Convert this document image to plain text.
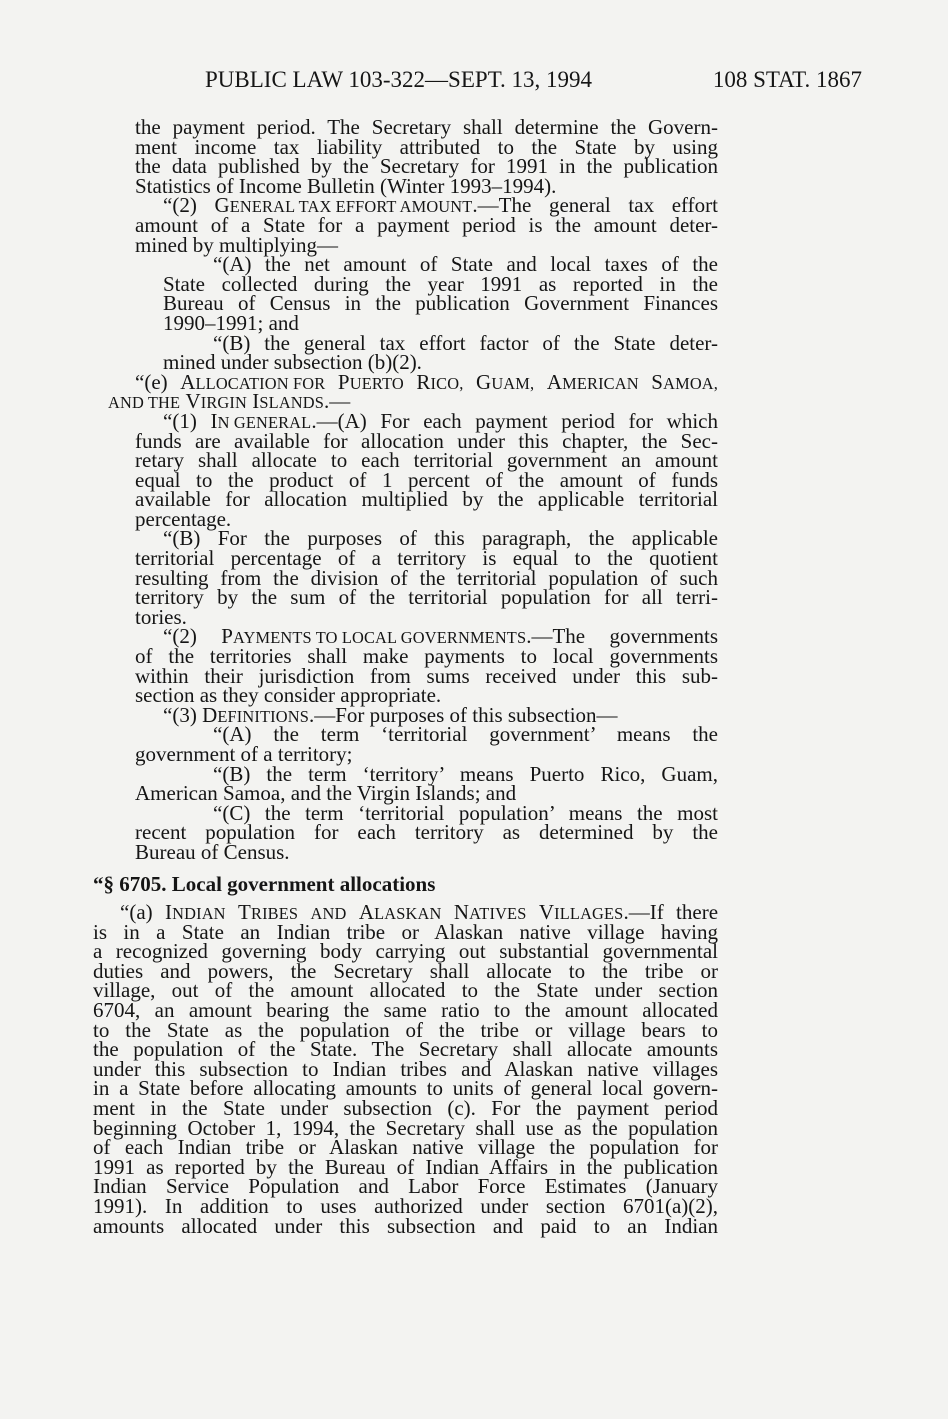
PUBLIC LAW 103-322—SEPT. 13, 1994	108 STAT. 1867
the payment period. The Secretary shall determine the Govern-
ment income tax liability attributed to the State by using
the data published by the Secretary for 1991 in the publication
Statistics of Income Bulletin (Winter 1993–1994).
“(2) GENERAL TAX EFFORT AMOUNT.—The general tax effort
amount of a State for a payment period is the amount deter-
mined by multiplying—
“(A) the net amount of State and local taxes of the
State collected during the year 1991 as reported in the
Bureau of Census in the publication Government Finances
1990–1991; and
“(B) the general tax effort factor of the State deter-
mined under subsection (b)(2).
“(e) ALLOCATION FOR PUERTO RICO, GUAM, AMERICAN SAMOA,
AND THE VIRGIN ISLANDS.—
“(1) IN GENERAL.—(A) For each payment period for which
funds are available for allocation under this chapter, the Sec-
retary shall allocate to each territorial government an amount
equal to the product of 1 percent of the amount of funds
available for allocation multiplied by the applicable territorial
percentage.
“(B) For the purposes of this paragraph, the applicable
territorial percentage of a territory is equal to the quotient
resulting from the division of the territorial population of such
territory by the sum of the territorial population for all terri-
tories.
“(2) PAYMENTS TO LOCAL GOVERNMENTS.—The governments
of the territories shall make payments to local governments
within their jurisdiction from sums received under this sub-
section as they consider appropriate.
“(3) DEFINITIONS.—For purposes of this subsection—
“(A) the term ‘territorial government’ means the
government of a territory;
“(B) the term ‘territory’ means Puerto Rico, Guam,
American Samoa, and the Virgin Islands; and
“(C) the term ‘territorial population’ means the most
recent population for each territory as determined by the
Bureau of Census.
“§ 6705. Local government allocations
“(a) INDIAN TRIBES AND ALASKAN NATIVES VILLAGES.—If there
is in a State an Indian tribe or Alaskan native village having
a recognized governing body carrying out substantial governmental
duties and powers, the Secretary shall allocate to the tribe or
village, out of the amount allocated to the State under section
6704, an amount bearing the same ratio to the amount allocated
to the State as the population of the tribe or village bears to
the population of the State. The Secretary shall allocate amounts
under this subsection to Indian tribes and Alaskan native villages
in a State before allocating amounts to units of general local govern-
ment in the State under subsection (c). For the payment period
beginning October 1, 1994, the Secretary shall use as the population
of each Indian tribe or Alaskan native village the population for
1991 as reported by the Bureau of Indian Affairs in the publication
Indian Service Population and Labor Force Estimates (January
1991). In addition to uses authorized under section 6701(a)(2),
amounts allocated under this subsection and paid to an Indian
